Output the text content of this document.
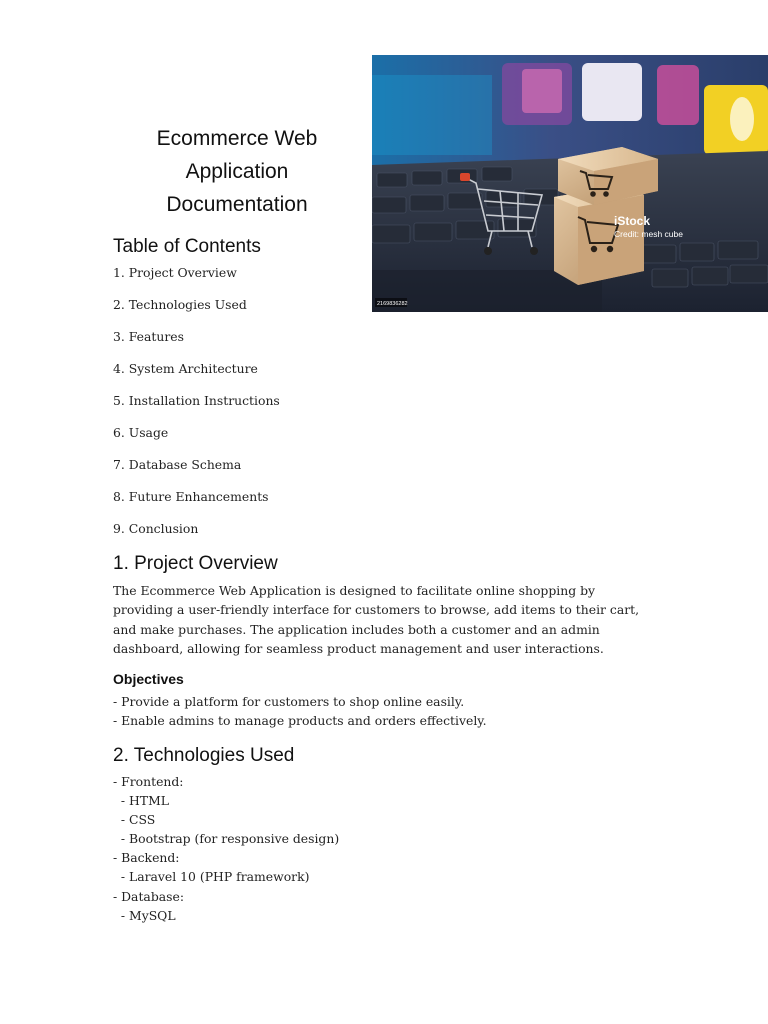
iStock
Credit: mesh cube
2169836282
Ecommerce Web
Application
Documentation
Table of Contents
1. Project Overview
2. Technologies Used
3. Features
4. System Architecture
5. Installation Instructions
6. Usage
7. Database Schema
8. Future Enhancements
9. Conclusion
1. Project Overview

The Ecommerce Web Application is designed to facilitate online shopping by providing a user-friendly interface for customers to browse, add items to their cart, and make purchases. The application includes both a customer and an admin dashboard, allowing for seamless product management and user interactions.

Objectives
- Provide a platform for customers to shop online easily.
- Enable admins to manage products and orders effectively.
2. Technologies Used
- Frontend:
- HTML
- CSS
- Bootstrap (for responsive design)
- Backend:
- Laravel 10 (PHP framework)
- Database:
- MySQL
